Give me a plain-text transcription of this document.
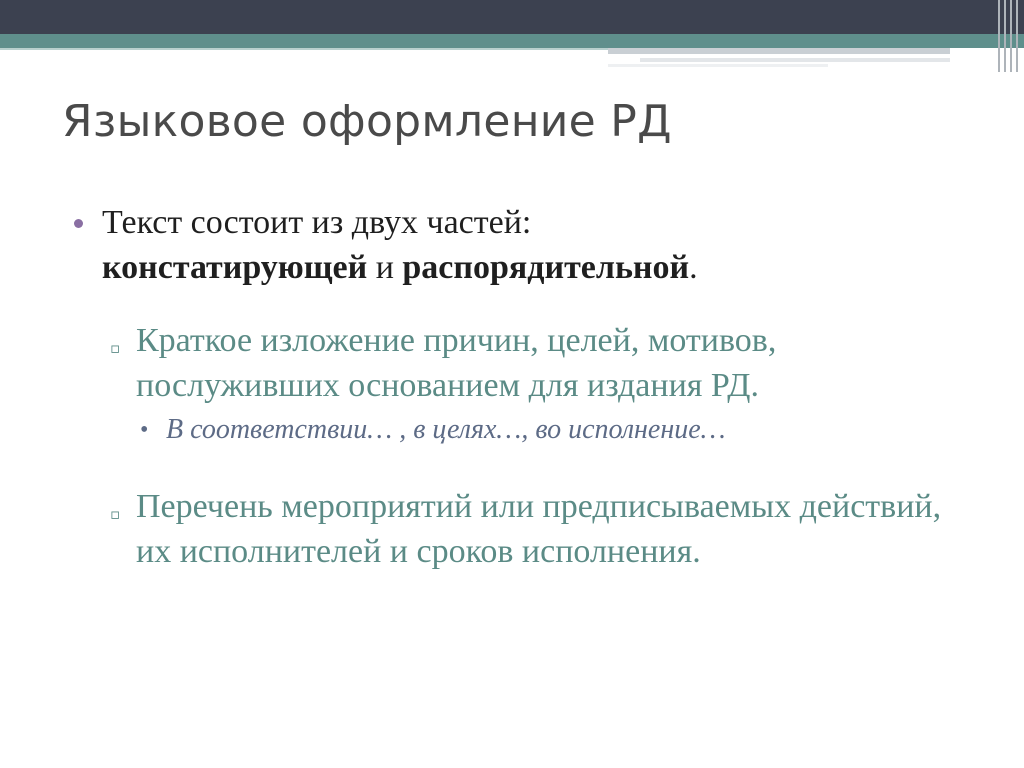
Языковое оформление РД
Текст состоит из двух частей:
констатирующей и распорядительной.
▫ Краткое изложение причин, целей, мотивов, послуживших основанием для издания РД.
• В соответствии… , в целях…, во исполнение…
▫ Перечень мероприятий или предписываемых действий, их исполнителей и сроков исполнения.
